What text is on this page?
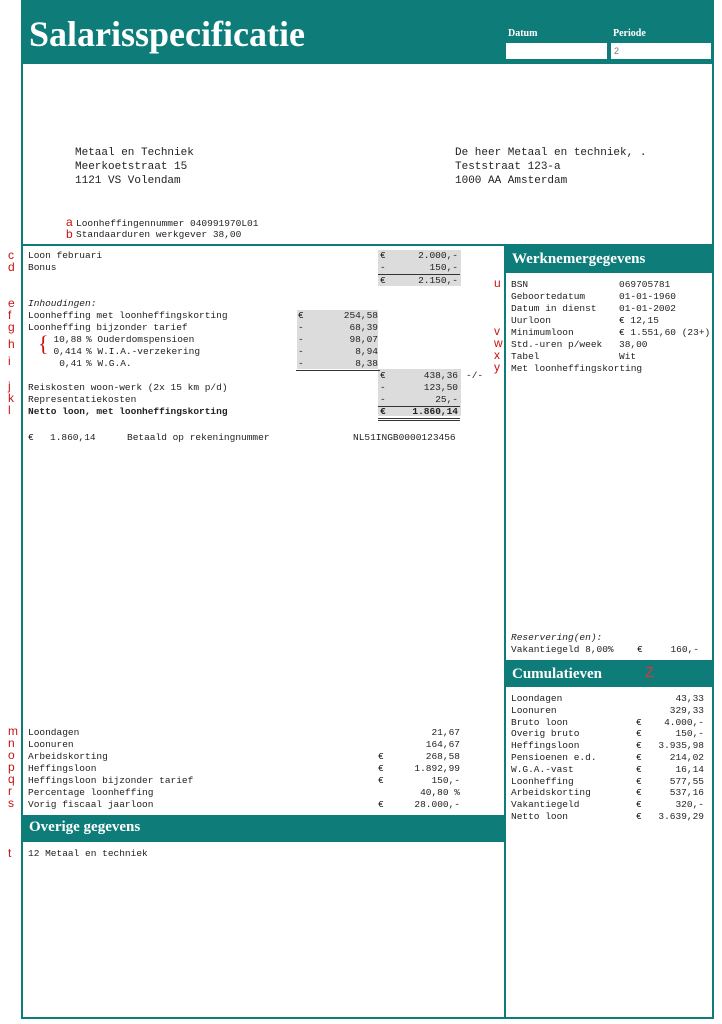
Salarisspecificatie	Datum	Periode
2
Metaal en Techniek
Meerkoetstraat 15
1121 VS Volendam
De heer Metaal en techniek, .
Teststraat 123-a
1000 AA Amsterdam
a
b
Loonheffingennummer 040991970L01
Standaarduren werkgever 38,00
c
d
e
f
g
h
i
j
k
l
Loon februari	€	2.000,-
Bonus	-	150,-
€	2.150,-
Inhoudingen:
Loonheffing met loonheffingskorting	€	254,58
Loonheffing bijzonder tarief	-	68,39
{ 10,88 % Ouderdomspensioen	-	98,07
0,414 % W.I.A.-verzekering	-	8,94
0,41 % W.G.A.	-	8,38
€	438,36 -/-
Reiskosten woon-werk (2x 15 km p/d)	-	123,50
Representatiekosten	-	25,-
Netto loon, met loonheffingskorting	€	1.860,14
€ 1.860,14	Betaald op rekeningnummer	NL51INGB0000123456
m
n
o
p
q
r
s
Loondagen	21,67
Loonuren	164,67
Arbeidskorting	€	268,58
Heffingsloon	€	1.892,99
Heffingsloon bijzonder tarief	€	150,-
Percentage loonheffing	40,80 %
Vorig fiscaal jaarloon	€	28.000,-
Overige gegevens
t 12 Metaal en techniek
Werknemergegevens
u
v
w
x
y
BSN	069705781
Geboortedatum	01-01-1960
Datum in dienst 01-01-2002
Uurloon	€ 12,15
Minimumloon	€ 1.551,60 (23+)
Std.-uren p/week 38,00
Tabel	Wit
Met loonheffingskorting
Reservering(en):
Vakantiegeld 8,00% €	160,-
Cumulatieven	Z
Loondagen	43,33
Loonuren	329,33
Bruto loon	€	4.000,-
Overig bruto	€	150,-
Heffingsloon	€	3.935,98
Pensioenen e.d.	€	214,02
W.G.A.-vast	€	16,14
Loonheffing	€	577,55
Arbeidskorting	€	537,16
Vakantiegeld	€	320,-
Netto loon	€	3.639,29
